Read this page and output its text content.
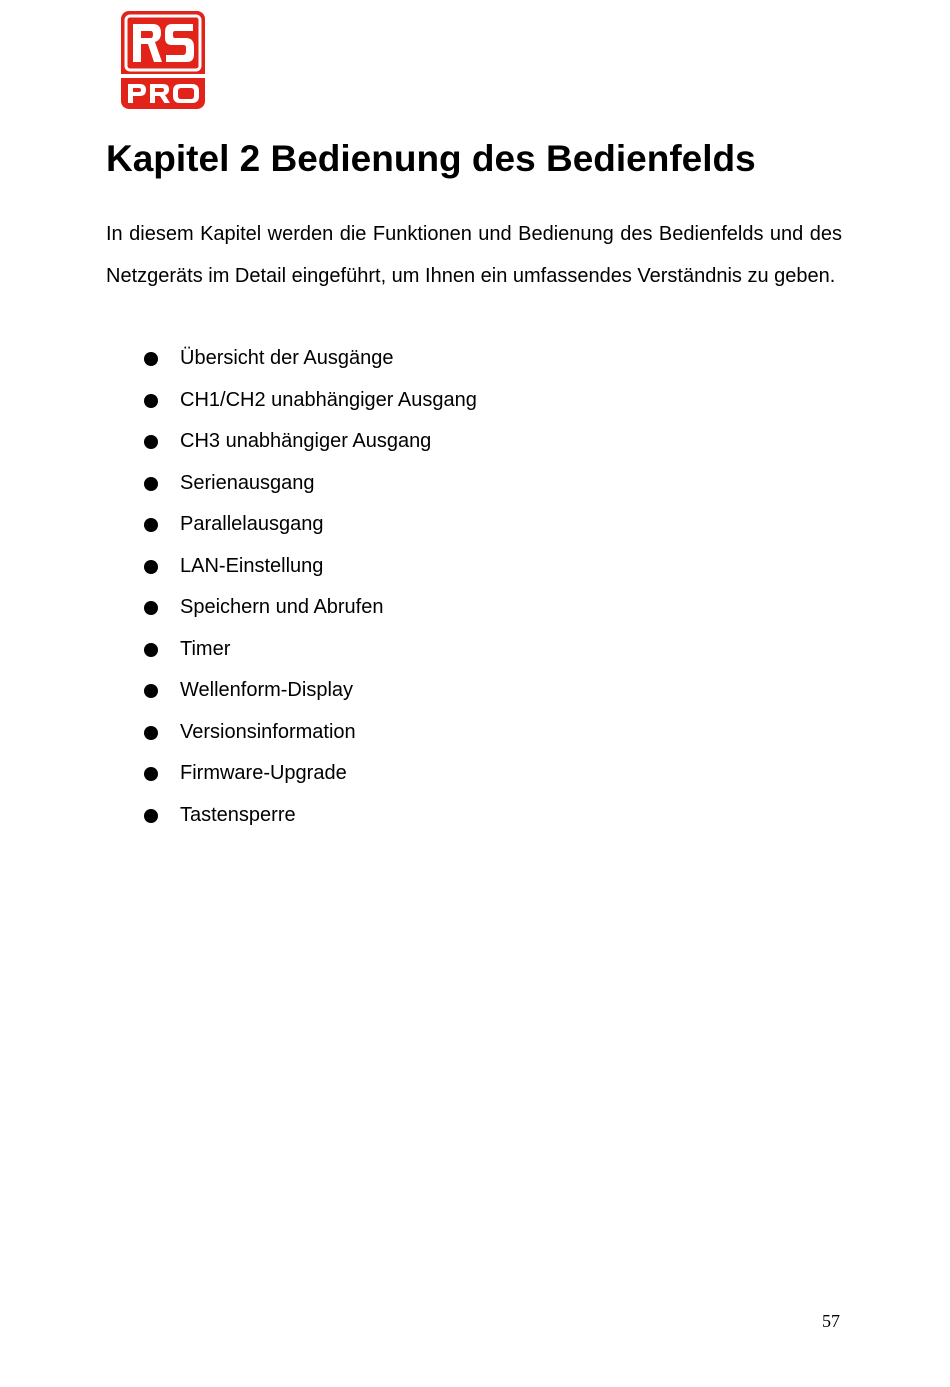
Kapitel 2 Bedienung des Bedienfelds

In diesem Kapitel werden die Funktionen und Bedienung des Bedienfelds und des Netzgeräts im Detail eingeführt, um Ihnen ein umfassendes Verständnis zu geben.

Übersicht der Ausgänge
CH1/CH2 unabhängiger Ausgang
CH3 unabhängiger Ausgang
Serienausgang
Parallelausgang
LAN-Einstellung
Speichern und Abrufen
Timer
Wellenform-Display
Versionsinformation
Firmware-Upgrade
Tastensperre
57
